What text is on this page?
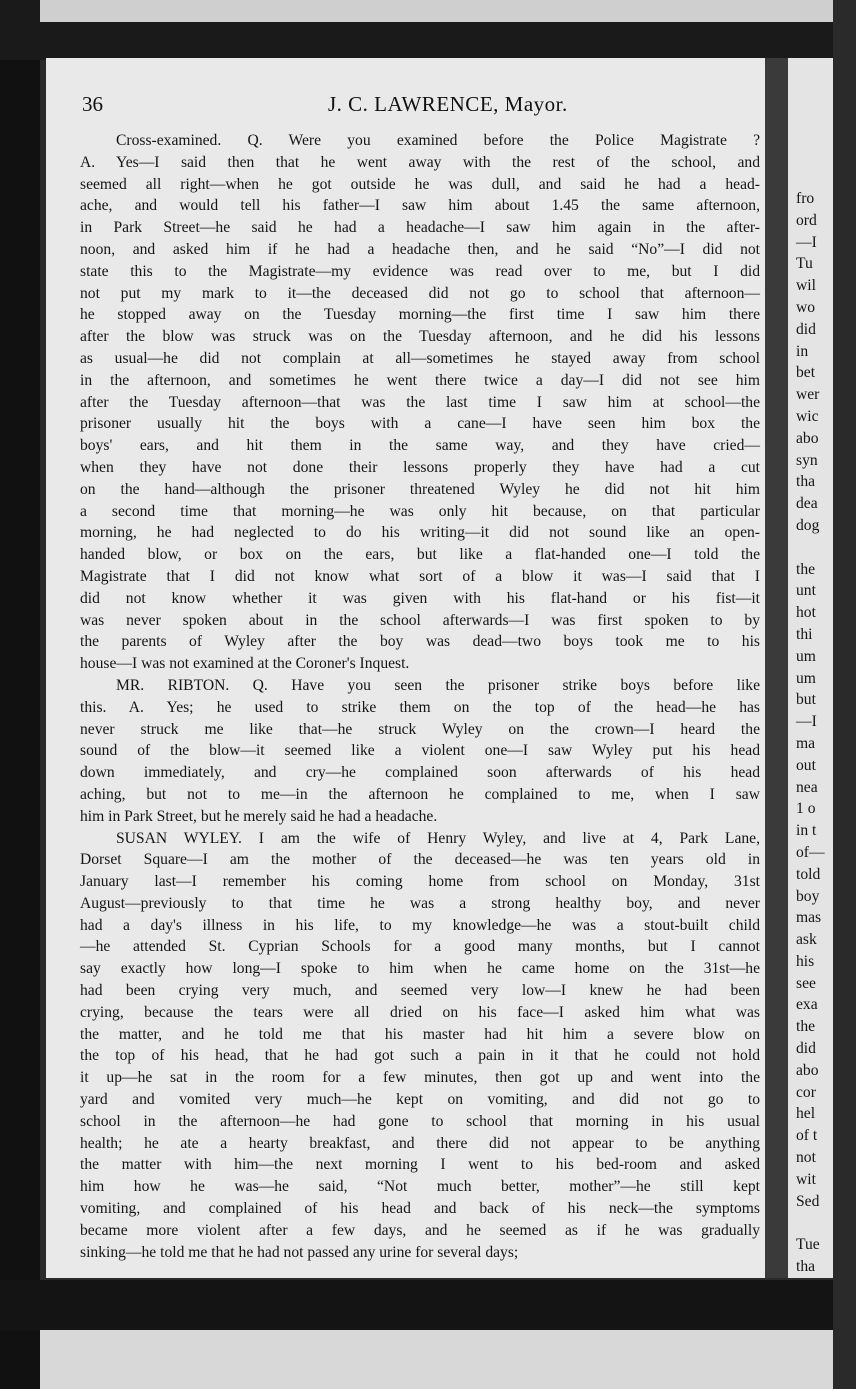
fro
ord
—I
Tu
wil
wo
did
in
bet
wer
wic
abo
syn
tha
dea
dog
the
unt
hot
thi
um
um
but
—I
ma
out
nea
1 o
in t
of—
told
boy
mas
ask
his
see
exa
the
did
abo
cor
hel
of t
not
wit
Sed
Tue
tha
36	J. C. LAWRENCE, Mayor.
Cross-examined. Q. Were you examined before the Police Magistrate ?
A. Yes—I said then that he went away with the rest of the school, and
seemed all right—when he got outside he was dull, and said he had a head-
ache, and would tell his father—I saw him about 1.45 the same afternoon,
in Park Street—he said he had a headache—I saw him again in the after-
noon, and asked him if he had a headache then, and he said “No”—I did not
state this to the Magistrate—my evidence was read over to me, but I did
not put my mark to it—the deceased did not go to school that afternoon—
he stopped away on the Tuesday morning—the first time I saw him there
after the blow was struck was on the Tuesday afternoon, and he did his lessons
as usual—he did not complain at all—sometimes he stayed away from school
in the afternoon, and sometimes he went there twice a day—I did not see him
after the Tuesday afternoon—that was the last time I saw him at school—the
prisoner usually hit the boys with a cane—I have seen him box the
boys' ears, and hit them in the same way, and they have cried—
when they have not done their lessons properly they have had a cut
on the hand—although the prisoner threatened Wyley he did not hit him
a second time that morning—he was only hit because, on that particular
morning, he had neglected to do his writing—it did not sound like an open-
handed blow, or box on the ears, but like a flat-handed one—I told the
Magistrate that I did not know what sort of a blow it was—I said that I
did not know whether it was given with his flat-hand or his fist—it
was never spoken about in the school afterwards—I was first spoken to by
the parents of Wyley after the boy was dead—two boys took me to his
house—I was not examined at the Coroner's Inquest.
MR. RIBTON. Q. Have you seen the prisoner strike boys before like
this. A. Yes; he used to strike them on the top of the head—he has
never struck me like that—he struck Wyley on the crown—I heard the
sound of the blow—it seemed like a violent one—I saw Wyley put his head
down immediately, and cry—he complained soon afterwards of his head
aching, but not to me—in the afternoon he complained to me, when I saw
him in Park Street, but he merely said he had a headache.
SUSAN WYLEY. I am the wife of Henry Wyley, and live at 4, Park Lane,
Dorset Square—I am the mother of the deceased—he was ten years old in
January last—I remember his coming home from school on Monday, 31st
August—previously to that time he was a strong healthy boy, and never
had a day's illness in his life, to my knowledge—he was a stout-built child
—he attended St. Cyprian Schools for a good many months, but I cannot
say exactly how long—I spoke to him when he came home on the 31st—he
had been crying very much, and seemed very low—I knew he had been
crying, because the tears were all dried on his face—I asked him what was
the matter, and he told me that his master had hit him a severe blow on
the top of his head, that he had got such a pain in it that he could not hold
it up—he sat in the room for a few minutes, then got up and went into the
yard and vomited very much—he kept on vomiting, and did not go to
school in the afternoon—he had gone to school that morning in his usual
health; he ate a hearty breakfast, and there did not appear to be anything
the matter with him—the next morning I went to his bed-room and asked
him how he was—he said, “Not much better, mother”—he still kept
vomiting, and complained of his head and back of his neck—the symptoms
became more violent after a few days, and he seemed as if he was gradually
sinking—he told me that he had not passed any urine for several days;
